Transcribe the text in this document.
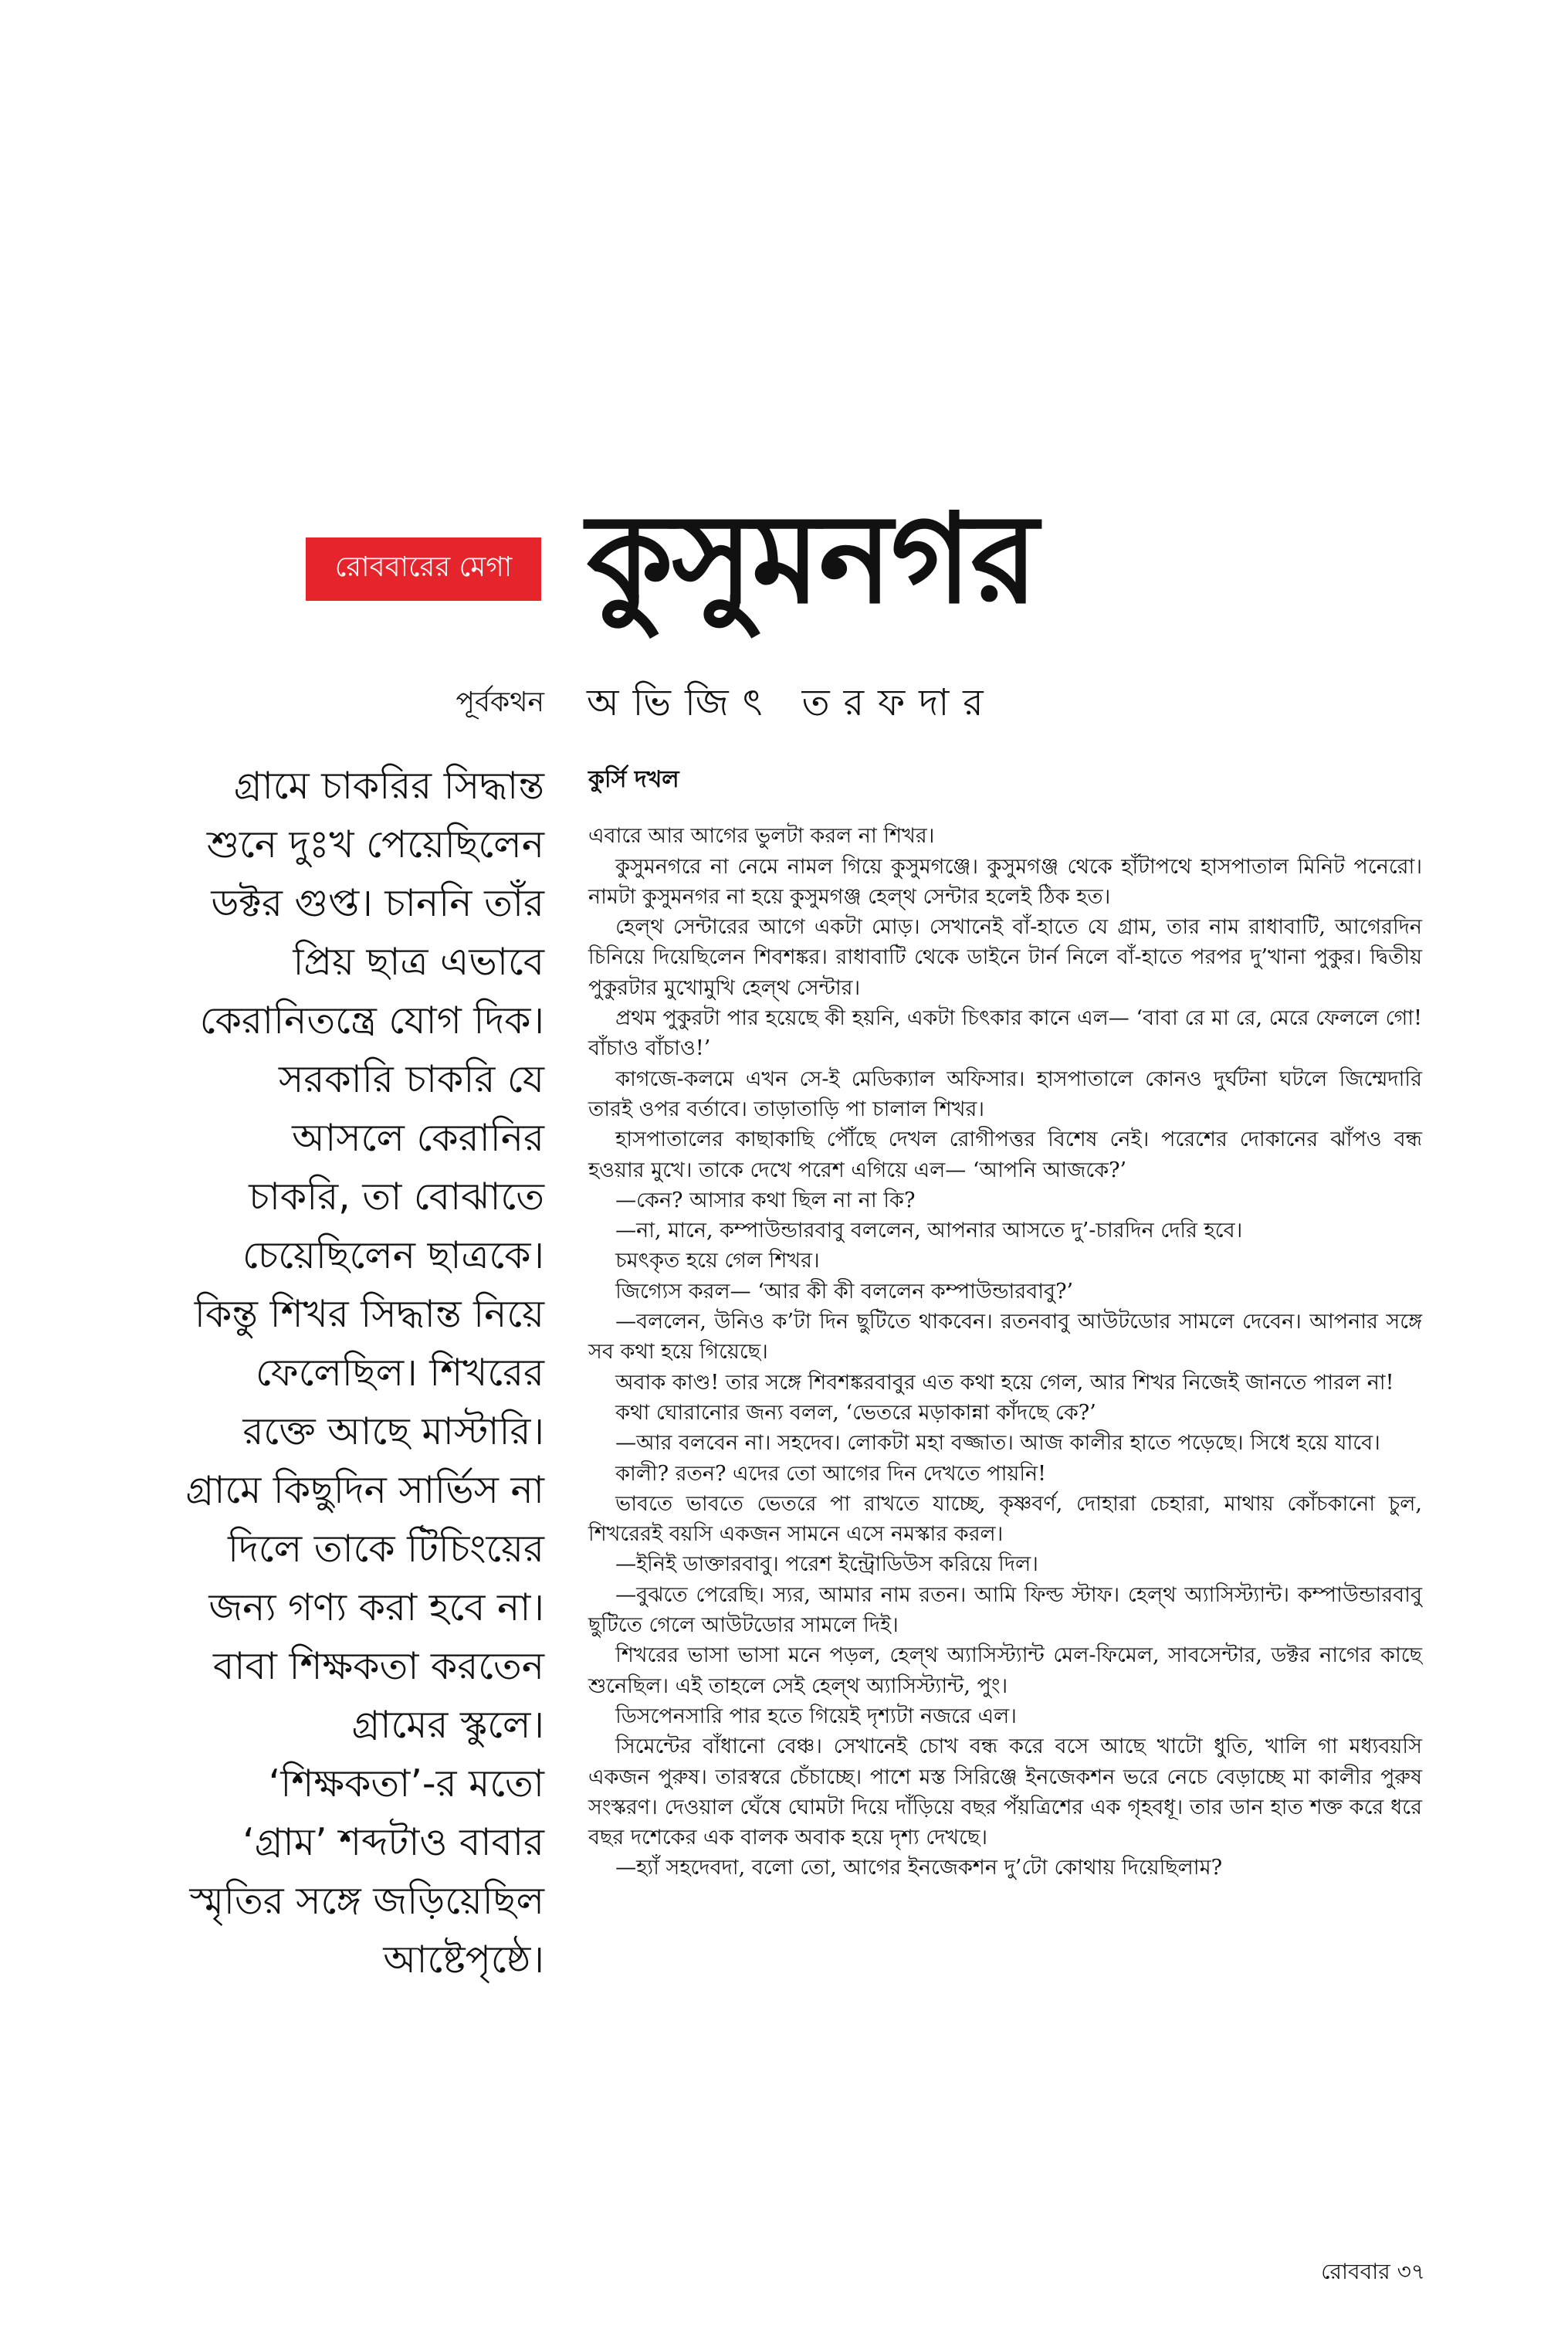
রোববারের মেগা কুসুমনগর
পূর্বকথন অভিজিৎ তরফদার
গ্রামে চাকরির সিদ্ধান্ত
শুনে দুঃখ পেয়েছিলেন
ডক্টর গুপ্ত। চাননি তাঁর
প্রিয় ছাত্র এভাবে
কেরানিতন্ত্রে যোগ দিক।
সরকারি চাকরি যে
আসলে কেরানির
চাকরি, তা বোঝাতে
চেয়েছিলেন ছাত্রকে।
কিন্তু শিখর সিদ্ধান্ত নিয়ে
ফেলেছিল। শিখরের
রক্তে আছে মাস্টারি।
গ্রামে কিছুদিন সার্ভিস না
দিলে তাকে টিচিংয়ের
জন্য গণ্য করা হবে না।
বাবা শিক্ষকতা করতেন
গ্রামের স্কুলে।
‘শিক্ষকতা’-র মতো
‘গ্রাম’ শব্দটাও বাবার
স্মৃতির সঙ্গে জড়িয়েছিল
আষ্টেপৃষ্ঠে।
কুর্সি দখল

এবারে আর আগের ভুলটা করল না শিখর।

কুসুমনগরে না নেমে নামল গিয়ে কুসুমগঞ্জে। কুসুমগঞ্জ থেকে হাঁটাপথে হাসপাতাল মিনিট পনেরো। নামটা কুসুমনগর না হয়ে কুসুমগঞ্জ হেল্‌থ সেন্টার হলেই ঠিক হত।

হেল্‌থ সেন্টারের আগে একটা মোড়। সেখানেই বাঁ-হাতে যে গ্রাম, তার নাম রাধাবাটি, আগেরদিন চিনিয়ে দিয়েছিলেন শিবশঙ্কর। রাধাবাটি থেকে ডাইনে টার্ন নিলে বাঁ-হাতে পরপর দু’খানা পুকুর। দ্বিতীয় পুকুরটার মুখোমুখি হেল্‌থ সেন্টার।

প্রথম পুকুরটা পার হয়েছে কী হয়নি, একটা চিৎকার কানে এল— ‘বাবা রে মা রে, মেরে ফেললে গো! বাঁচাও বাঁচাও!’

কাগজে-কলমে এখন সে-ই মেডিক্যাল অফিসার। হাসপাতালে কোনও দুর্ঘটনা ঘটলে জিম্মেদারি তারই ওপর বর্তাবে। তাড়াতাড়ি পা চালাল শিখর।

হাসপাতালের কাছাকাছি পৌঁছে দেখল রোগীপত্তর বিশেষ নেই। পরেশের দোকানের ঝাঁপও বন্ধ হওয়ার মুখে। তাকে দেখে পরেশ এগিয়ে এল— ‘আপনি আজকে?’

—কেন? আসার কথা ছিল না না কি?

—না, মানে, কম্পাউন্ডারবাবু বললেন, আপনার আসতে দু’-চারদিন দেরি হবে।

চমৎকৃত হয়ে গেল শিখর।

জিগ্যেস করল— ‘আর কী কী বললেন কম্পাউন্ডারবাবু?’

—বললেন, উনিও ক’টা দিন ছুটিতে থাকবেন। রতনবাবু আউটডোর সামলে দেবেন। আপনার সঙ্গে সব কথা হয়ে গিয়েছে।

অবাক কাণ্ড! তার সঙ্গে শিবশঙ্করবাবুর এত কথা হয়ে গেল, আর শিখর নিজেই জানতে পারল না!

কথা ঘোরানোর জন্য বলল, ‘ভেতরে মড়াকান্না কাঁদছে কে?’

—আর বলবেন না। সহদেব। লোকটা মহা বজ্জাত। আজ কালীর হাতে পড়েছে। সিধে হয়ে যাবে।

কালী? রতন? এদের তো আগের দিন দেখতে পায়নি!

ভাবতে ভাবতে ভেতরে পা রাখতে যাচ্ছে, কৃষ্ণবর্ণ, দোহারা চেহারা, মাথায় কোঁচকানো চুল, শিখরেরই বয়সি একজন সামনে এসে নমস্কার করল।

—ইনিই ডাক্তারবাবু। পরেশ ইন্ট্রোডিউস করিয়ে দিল।

—বুঝতে পেরেছি। স্যর, আমার নাম রতন। আমি ফিল্ড স্টাফ। হেল্‌থ অ্যাসিস্ট্যান্ট। কম্পাউন্ডারবাবু ছুটিতে গেলে আউটডোর সামলে দিই।

শিখরের ভাসা ভাসা মনে পড়ল, হেল্‌থ অ্যাসিস্ট্যান্ট মেল-ফিমেল, সাবসেন্টার, ডক্টর নাগের কাছে শুনেছিল। এই তাহলে সেই হেল্‌থ অ্যাসিস্ট্যান্ট, পুং।

ডিসপেনসারি পার হতে গিয়েই দৃশ্যটা নজরে এল।

সিমেন্টের বাঁধানো বেঞ্চ। সেখানেই চোখ বন্ধ করে বসে আছে খাটো ধুতি, খালি গা মধ্যবয়সি একজন পুরুষ। তারস্বরে চেঁচাচ্ছে। পাশে মস্ত সিরিঞ্জে ইনজেকশন ভরে নেচে বেড়াচ্ছে মা কালীর পুরুষ সংস্করণ। দেওয়াল ঘেঁষে ঘোমটা দিয়ে দাঁড়িয়ে বছর পঁয়ত্রিশের এক গৃহবধূ। তার ডান হাত শক্ত করে ধরে বছর দশেকের এক বালক অবাক হয়ে দৃশ্য দেখছে।

—হ্যাঁ সহদেবদা, বলো তো, আগের ইনজেকশন দু’টো কোথায় দিয়েছিলাম?

রোববার ৩৭
